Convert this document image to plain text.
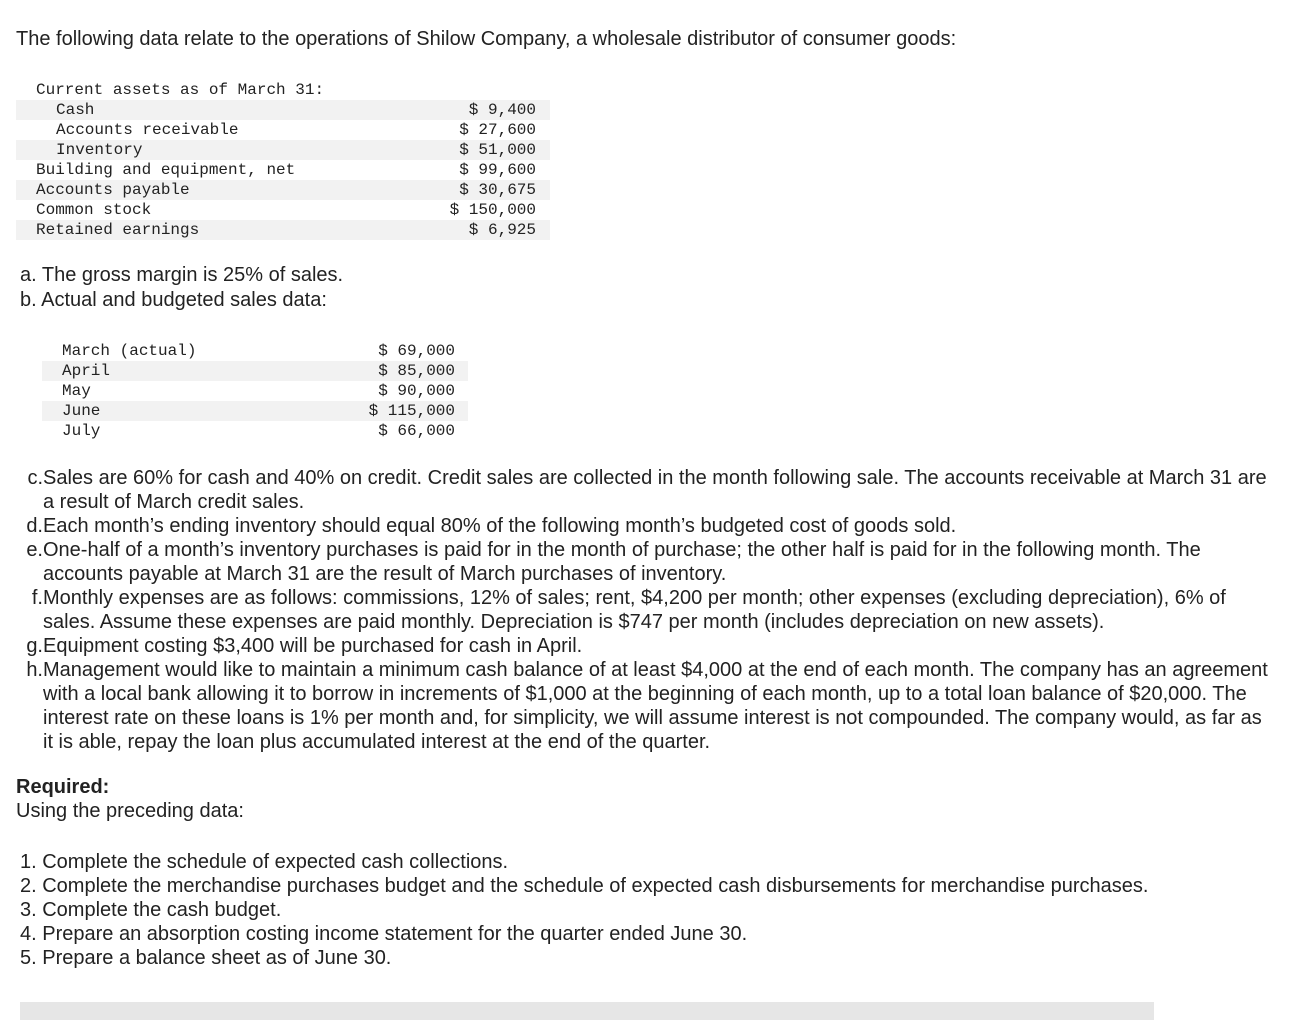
The following data relate to the operations of Shilow Company, a wholesale distributor of consumer goods:
Current assets as of March 31:
Cash	$ 9,400
Accounts receivable	$ 27,600
Inventory	$ 51,000
Building and equipment, net	$ 99,600
Accounts payable	$ 30,675
Common stock	$ 150,000
Retained earnings	$ 6,925
a. The gross margin is 25% of sales.
b. Actual and budgeted sales data:
March (actual)	$ 69,000
April	$ 85,000
May	$ 90,000
June	$ 115,000
July	$ 66,000
c. Sales are 60% for cash and 40% on credit. Credit sales are collected in the month following sale. The accounts receivable at March 31 are a result of March credit sales.
d. Each month’s ending inventory should equal 80% of the following month’s budgeted cost of goods sold.
e. One-half of a month’s inventory purchases is paid for in the month of purchase; the other half is paid for in the following month. The accounts payable at March 31 are the result of March purchases of inventory.
f. Monthly expenses are as follows: commissions, 12% of sales; rent, $4,200 per month; other expenses (excluding depreciation), 6% of sales. Assume these expenses are paid monthly. Depreciation is $747 per month (includes depreciation on new assets).
g. Equipment costing $3,400 will be purchased for cash in April.
h. Management would like to maintain a minimum cash balance of at least $4,000 at the end of each month. The company has an agreement with a local bank allowing it to borrow in increments of $1,000 at the beginning of each month, up to a total loan balance of $20,000. The interest rate on these loans is 1% per month and, for simplicity, we will assume interest is not compounded. The company would, as far as it is able, repay the loan plus accumulated interest at the end of the quarter.
Required:
Using the preceding data:
1. Complete the schedule of expected cash collections.
2. Complete the merchandise purchases budget and the schedule of expected cash disbursements for merchandise purchases.
3. Complete the cash budget.
4. Prepare an absorption costing income statement for the quarter ended June 30.
5. Prepare a balance sheet as of June 30.
